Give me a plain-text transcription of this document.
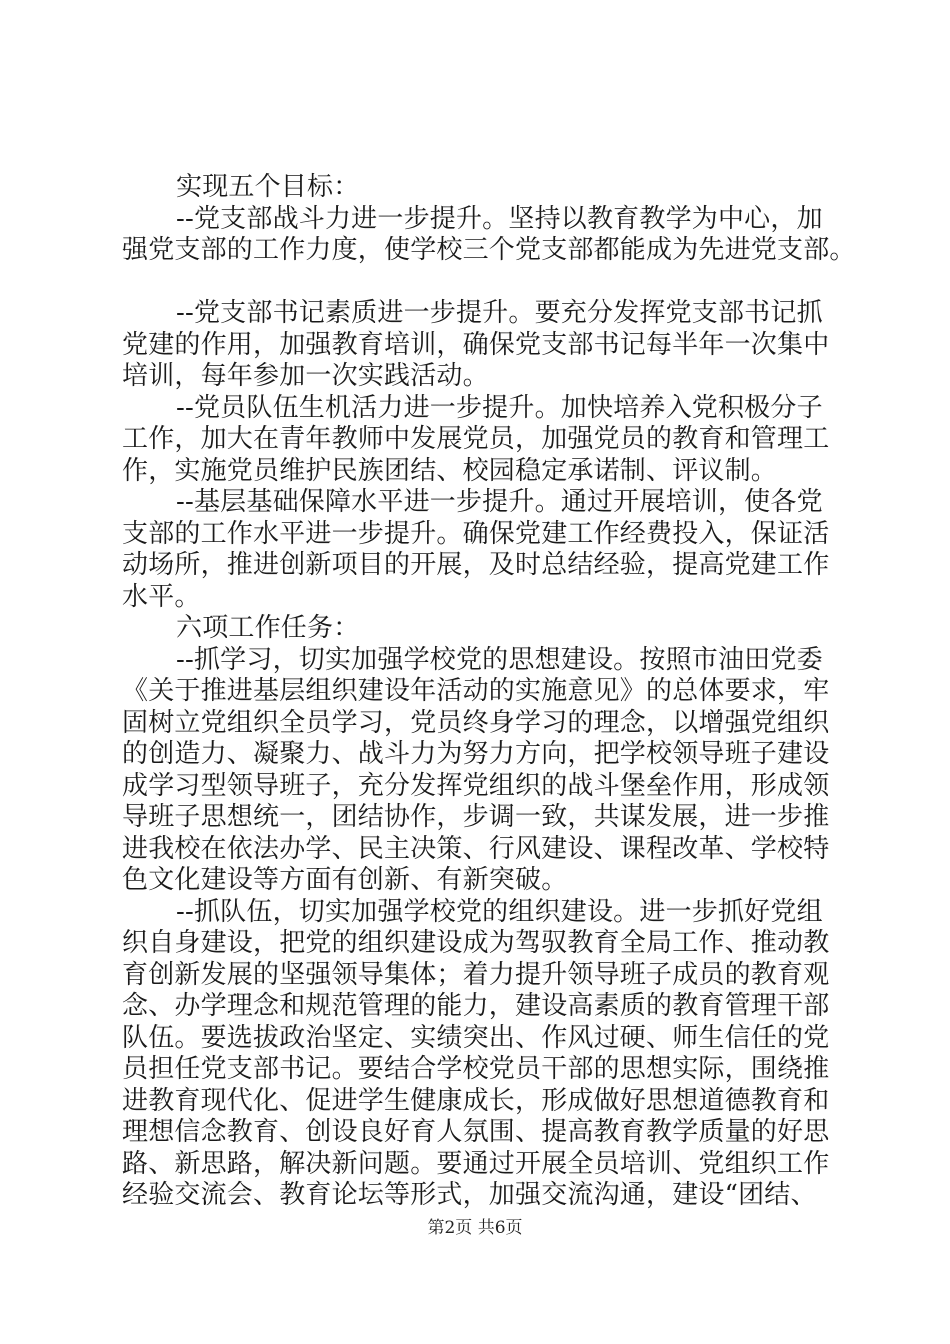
实现五个目标：
--党支部战斗力进一步提升。坚持以教育教学为中心，加
强党支部的工作力度，使学校三个党支部都能成为先进党支部。
--党支部书记素质进一步提升。要充分发挥党支部书记抓
党建的作用，加强教育培训，确保党支部书记每半年一次集中
培训，每年参加一次实践活动。
--党员队伍生机活力进一步提升。加快培养入党积极分子
工作，加大在青年教师中发展党员，加强党员的教育和管理工
作，实施党员维护民族团结、校园稳定承诺制、评议制。
--基层基础保障水平进一步提升。通过开展培训，使各党
支部的工作水平进一步提升。确保党建工作经费投入，保证活
动场所，推进创新项目的开展，及时总结经验，提高党建工作
水平。
六项工作任务：
--抓学习，切实加强学校党的思想建设。按照市油田党委
《关于推进基层组织建设年活动的实施意见》的总体要求，牢
固树立党组织全员学习，党员终身学习的理念，以增强党组织
的创造力、凝聚力、战斗力为努力方向，把学校领导班子建设
成学习型领导班子，充分发挥党组织的战斗堡垒作用，形成领
导班子思想统一，团结协作，步调一致，共谋发展，进一步推
进我校在依法办学、民主决策、行风建设、课程改革、学校特
色文化建设等方面有创新、有新突破。
--抓队伍，切实加强学校党的组织建设。进一步抓好党组
织自身建设，把党的组织建设成为驾驭教育全局工作、推动教
育创新发展的坚强领导集体；着力提升领导班子成员的教育观
念、办学理念和规范管理的能力，建设高素质的教育管理干部
队伍。要选拔政治坚定、实绩突出、作风过硬、师生信任的党
员担任党支部书记。要结合学校党员干部的思想实际，围绕推
进教育现代化、促进学生健康成长，形成做好思想道德教育和
理想信念教育、创设良好育人氛围、提高教育教学质量的好思
路、新思路，解决新问题。要通过开展全员培训、党组织工作
经验交流会、教育论坛等形式，加强交流沟通，建设“团结、
第2页 共6页
